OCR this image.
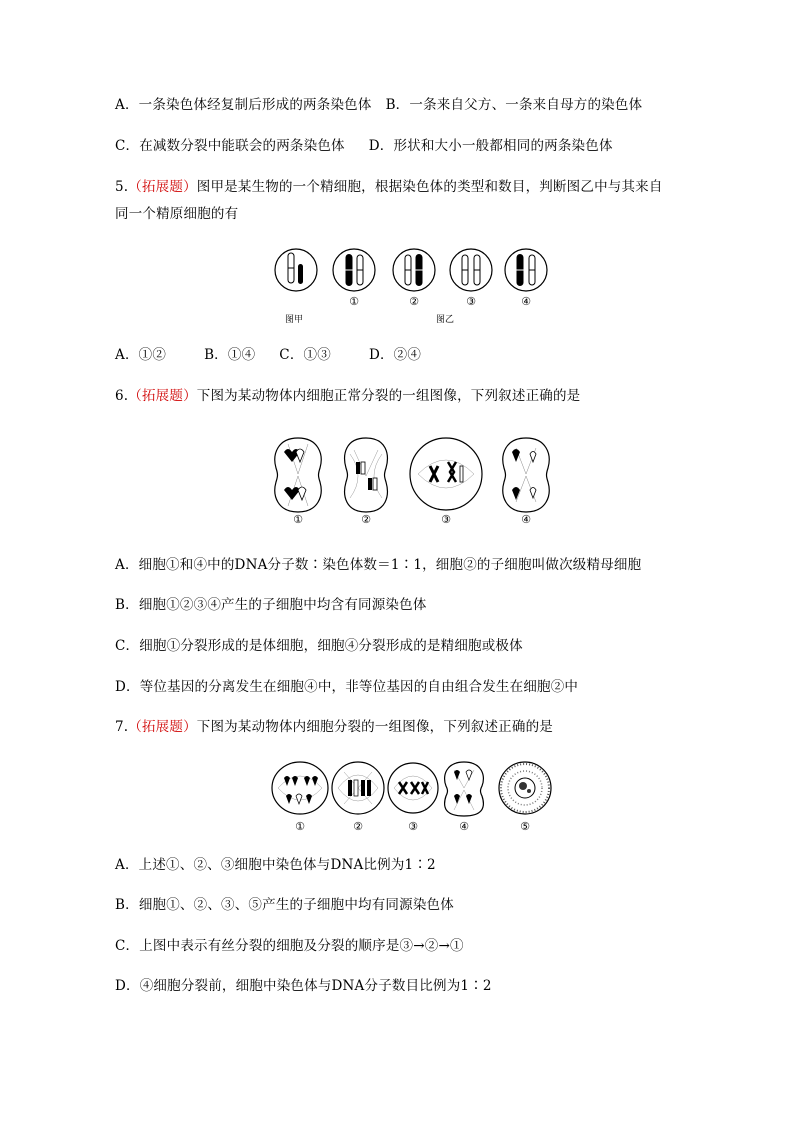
A．一条染色体经复制后形成的两条染色体 B．一条来自父方、一条来自母方的染色体
C．在减数分裂中能联会的两条染色体 D．形状和大小一般都相同的两条染色体
5.（拓展题）图甲是某生物的一个精细胞，根据染色体的类型和数目，判断图乙中与其来自
同一个精原细胞的有
①	②	③	④
图甲	图乙
A．①②	B．①④ C．①③	D．②④
6.（拓展题）下图为某动物体内细胞正常分裂的一组图像，下列叙述正确的是
①	②	③	④
A．细胞①和④中的DNA分子数∶染色体数＝1∶1，细胞②的子细胞叫做次级精母细胞
B．细胞①②③④产生的子细胞中均含有同源染色体
C．细胞①分裂形成的是体细胞，细胞④分裂形成的是精细胞或极体
D．等位基因的分离发生在细胞④中，非等位基因的自由组合发生在细胞②中
7.（拓展题）下图为某动物体内细胞分裂的一组图像，下列叙述正确的是
①	②	③	④	⑤
A．上述①、②、③细胞中染色体与DNA比例为1∶2
B．细胞①、②、③、⑤产生的子细胞中均有同源染色体
C．上图中表示有丝分裂的细胞及分裂的顺序是③→②→①
D．④细胞分裂前，细胞中染色体与DNA分子数目比例为1∶2
